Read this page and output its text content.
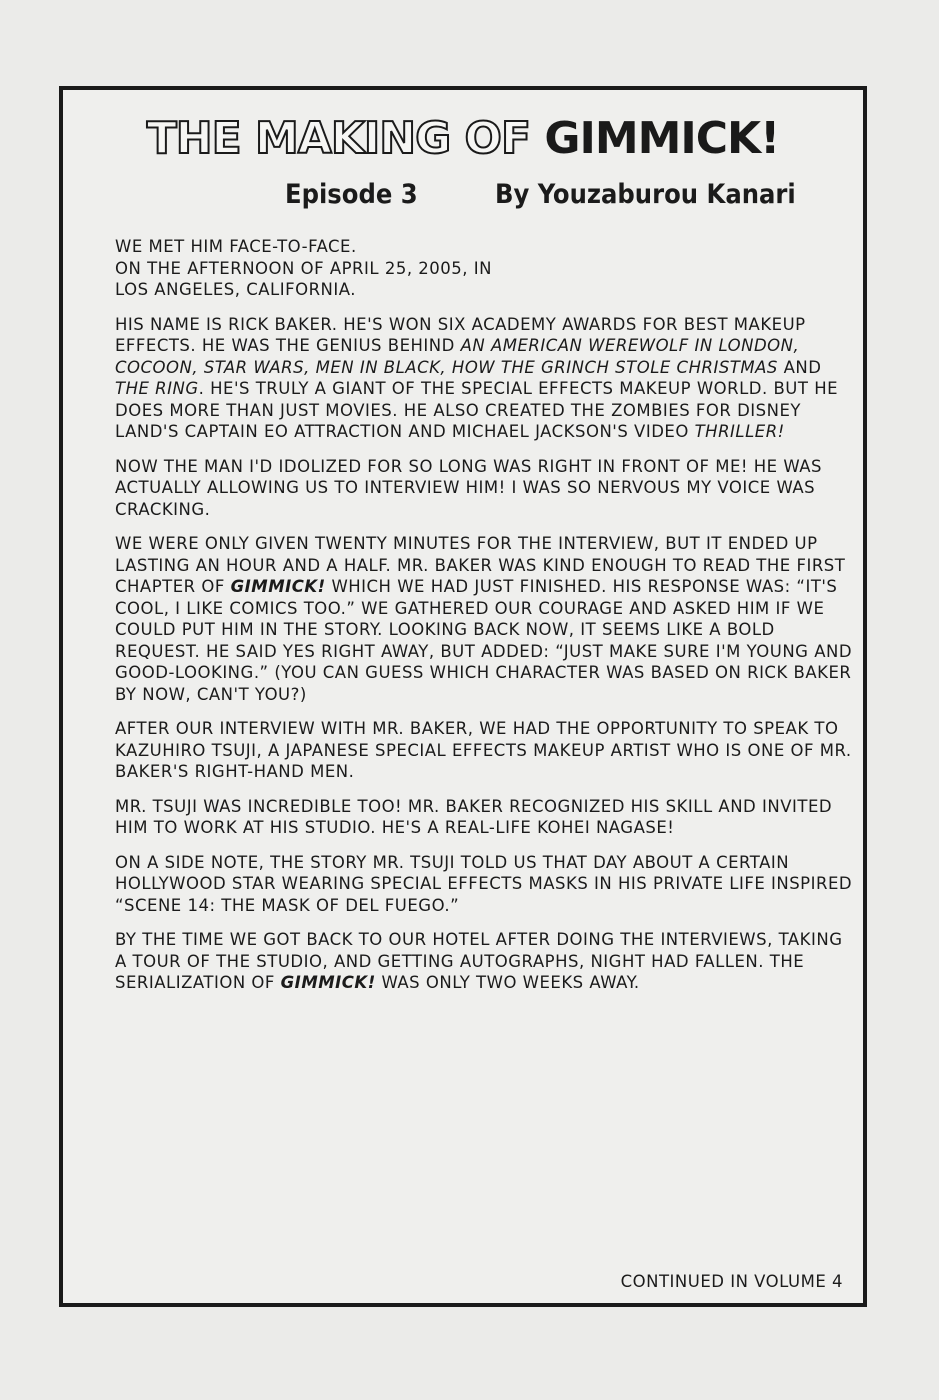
THE MAKING OF GIMMICK!
Episode 3	By Youzaburou Kanari

WE MET HIM FACE-TO-FACE.
ON THE AFTERNOON OF APRIL 25, 2005, IN
LOS ANGELES, CALIFORNIA.

HIS NAME IS RICK BAKER. HE'S WON SIX ACADEMY AWARDS FOR BEST MAKEUP EFFECTS. HE WAS THE GENIUS BEHIND AN AMERICAN WEREWOLF IN LONDON, COCOON, STAR WARS, MEN IN BLACK, HOW THE GRINCH STOLE CHRISTMAS AND THE RING. HE'S TRULY A GIANT OF THE SPECIAL EFFECTS MAKEUP WORLD. BUT HE DOES MORE THAN JUST MOVIES. HE ALSO CREATED THE ZOMBIES FOR DISNEY LAND'S CAPTAIN EO ATTRACTION AND MICHAEL JACKSON'S VIDEO THRILLER!

NOW THE MAN I'D IDOLIZED FOR SO LONG WAS RIGHT IN FRONT OF ME! HE WAS ACTUALLY ALLOWING US TO INTERVIEW HIM! I WAS SO NERVOUS MY VOICE WAS CRACKING.

WE WERE ONLY GIVEN TWENTY MINUTES FOR THE INTERVIEW, BUT IT ENDED UP LASTING AN HOUR AND A HALF. MR. BAKER WAS KIND ENOUGH TO READ THE FIRST CHAPTER OF GIMMICK! WHICH WE HAD JUST FINISHED. HIS RESPONSE WAS: “IT'S COOL, I LIKE COMICS TOO.” WE GATHERED OUR COURAGE AND ASKED HIM IF WE COULD PUT HIM IN THE STORY. LOOKING BACK NOW, IT SEEMS LIKE A BOLD REQUEST. HE SAID YES RIGHT AWAY, BUT ADDED: “JUST MAKE SURE I'M YOUNG AND GOOD-LOOKING.” (YOU CAN GUESS WHICH CHARACTER WAS BASED ON RICK BAKER BY NOW, CAN'T YOU?)

AFTER OUR INTERVIEW WITH MR. BAKER, WE HAD THE OPPORTUNITY TO SPEAK TO KAZUHIRO TSUJI, A JAPANESE SPECIAL EFFECTS MAKEUP ARTIST WHO IS ONE OF MR. BAKER'S RIGHT-HAND MEN.

MR. TSUJI WAS INCREDIBLE TOO! MR. BAKER RECOGNIZED HIS SKILL AND INVITED HIM TO WORK AT HIS STUDIO. HE'S A REAL-LIFE KOHEI NAGASE!

ON A SIDE NOTE, THE STORY MR. TSUJI TOLD US THAT DAY ABOUT A CERTAIN HOLLYWOOD STAR WEARING SPECIAL EFFECTS MASKS IN HIS PRIVATE LIFE INSPIRED “SCENE 14: THE MASK OF DEL FUEGO.”

BY THE TIME WE GOT BACK TO OUR HOTEL AFTER DOING THE INTERVIEWS, TAKING A TOUR OF THE STUDIO, AND GETTING AUTOGRAPHS, NIGHT HAD FALLEN. THE SERIALIZATION OF GIMMICK! WAS ONLY TWO WEEKS AWAY.

CONTINUED IN VOLUME 4
